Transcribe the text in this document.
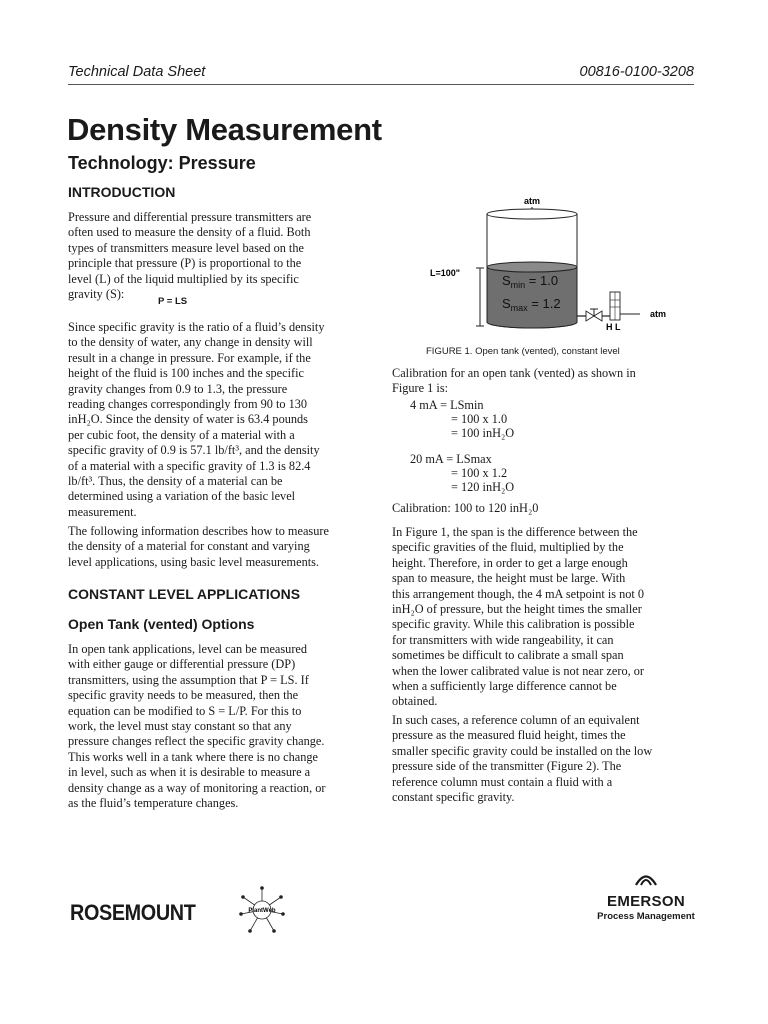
Technical Data Sheet	00816-0100-3208
Density Measurement
Technology: Pressure
INTRODUCTION

Pressure and differential pressure transmitters are
often used to measure the density of a fluid. Both
types of transmitters measure level based on the
principle that pressure (P) is proportional to the
level (L) of the liquid multiplied by its specific
gravity (S):

P = LS

Since specific gravity is the ratio of a fluid’s density
to the density of water, any change in density will
result in a change in pressure. For example, if the
height of the fluid is 100 inches and the specific
gravity changes from 0.9 to 1.3, the pressure
reading changes correspondingly from 90 to 130
inH₂O. Since the density of water is 63.4 pounds
per cubic foot, the density of a material with a
specific gravity of 0.9 is 57.1 lb/ft³, and the density
of a material with a specific gravity of 1.3 is 82.4
lb/ft³. Thus, the density of a material can be
determined using a variation of the basic level
measurement.

The following information describes how to measure
the density of a material for constant and varying
level applications, using basic level measurements.

CONSTANT LEVEL APPLICATIONS
Open Tank (vented) Options

In open tank applications, level can be measured
with either gauge or differential pressure (DP)
transmitters, using the assumption that P = LS. If
specific gravity needs to be measured, then the
equation can be modified to S = L/P. For this to
work, the level must stay constant so that any
pressure changes reflect the specific gravity change.
This works well in a tank where there is no change
in level, such as when it is desirable to measure a
density change as a way of monitoring a reaction, or
as the fluid’s temperature changes.

atm
L=100"	$S_{min} = 1.0$
$S_{max} = 1.2$
atm
H L
FIGURE 1. Open tank (vented), constant level

Calibration for an open tank (vented) as shown in
Figure 1 is:

4 mA = LSmin
= 100 x 1.0
= 100 inH₂O
20 mA = LSmax
= 100 x 1.2
= 120 inH₂O
Calibration: 100 to 120 inH₂0

In Figure 1, the span is the difference between the
specific gravities of the fluid, multiplied by the
height. Therefore, in order to get a large enough
span to measure, the height must be large. With
this arrangement though, the 4 mA setpoint is not 0
inH₂O of pressure, but the height times the smaller
specific gravity. While this calibration is possible
for transmitters with wide rangeability, it can
sometimes be difficult to calibrate a small span
when the lower calibrated value is not near zero, or
when a sufficiently large difference cannot be
obtained.

In such cases, a reference column of an equivalent
pressure as the measured fluid height, times the
smaller specific gravity could be installed on the low
pressure side of the transmitter (Figure 2). The
reference column must contain a fluid with a
constant specific gravity.

ROSEMOUNT	PlantWeb
EMERSON
Process Management
